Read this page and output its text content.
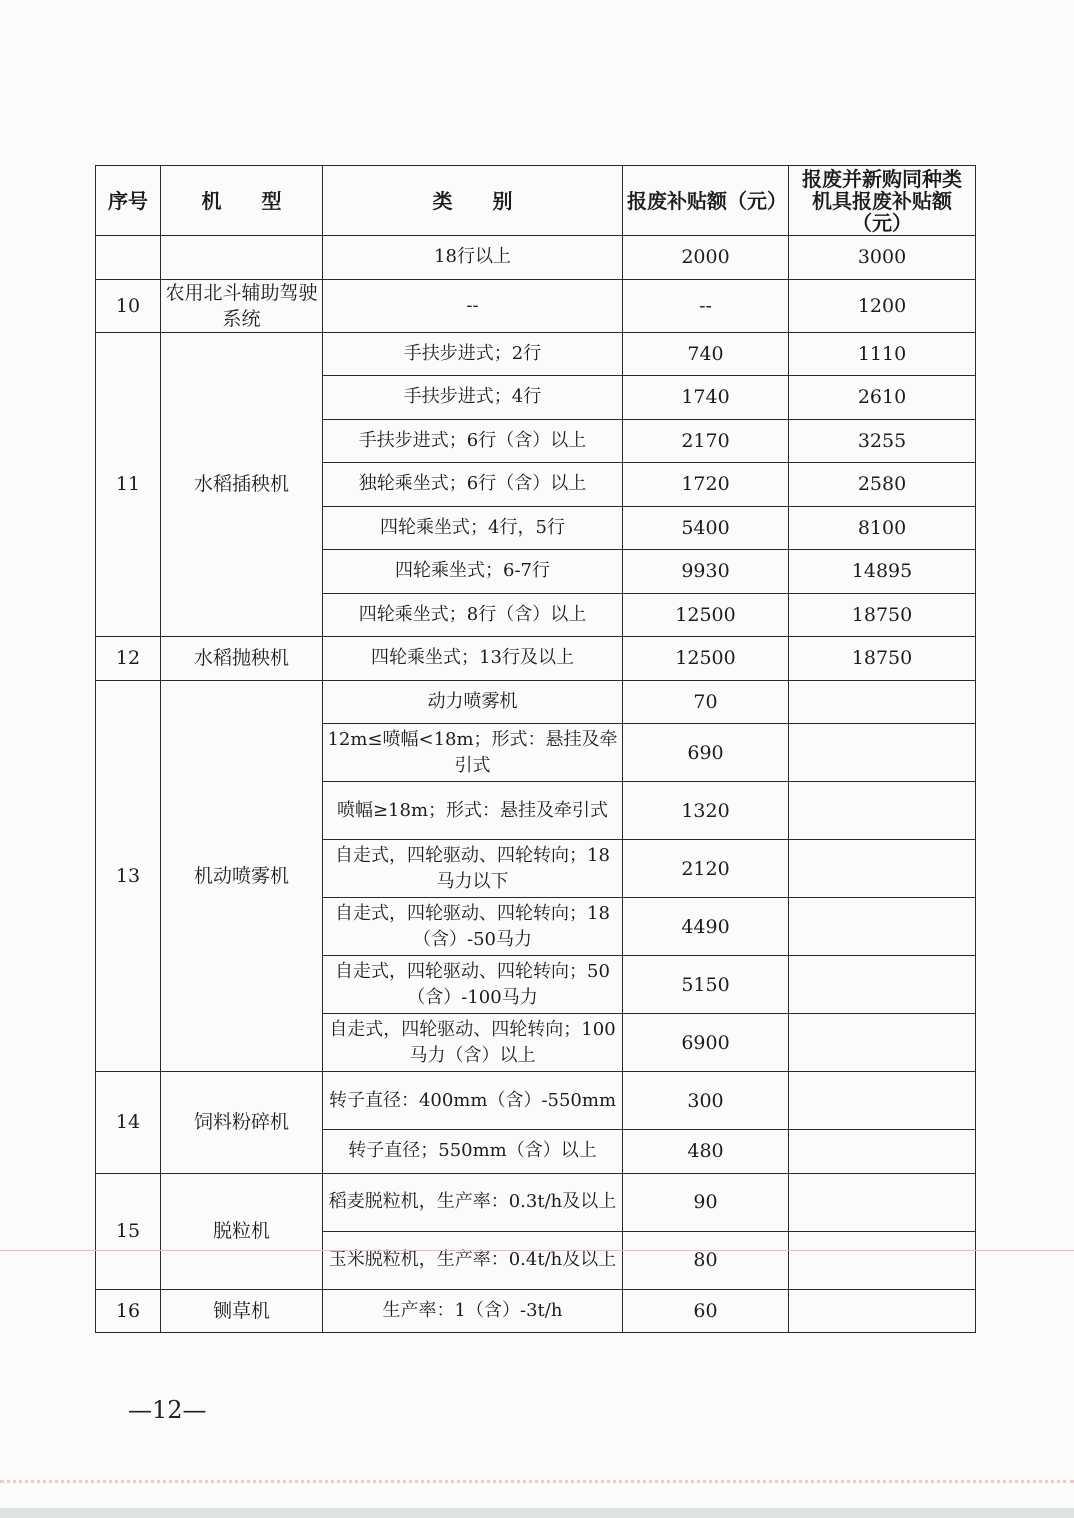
序号	机　　型	类　　别	报废补贴额（元）	报废并新购同种类机具报废补贴额（元）
		18行以上	2000	3000
10	农用北斗辅助驾驶系统	--	--	1200
11	水稻插秧机	手扶步进式；2行	740	1110
		手扶步进式；4行	1740	2610
		手扶步进式；6行（含）以上	2170	3255
		独轮乘坐式；6行（含）以上	1720	2580
		四轮乘坐式；4行，5行	5400	8100
		四轮乘坐式；6-7行	9930	14895
		四轮乘坐式；8行（含）以上	12500	18750
12	水稻抛秧机	四轮乘坐式；13行及以上	12500	18750
13	机动喷雾机	动力喷雾机	70	
		12m≤喷幅<18m；形式：悬挂及牵引式	690	
		喷幅≥18m；形式：悬挂及牵引式	1320	
		自走式，四轮驱动、四轮转向；18马力以下	2120	
		自走式，四轮驱动、四轮转向；18（含）-50马力	4490	
		自走式，四轮驱动、四轮转向；50（含）-100马力	5150	
		自走式，四轮驱动、四轮转向；100马力（含）以上	6900	
14	饲料粉碎机	转子直径：400mm（含）-550mm	300	
		转子直径；550mm（含）以上	480	
15	脱粒机	稻麦脱粒机，生产率：0.3t/h及以上	90	
		玉米脱粒机，生产率：0.4t/h及以上	80	
16	铡草机	生产率：1（含）-3t/h	60	
—12—
